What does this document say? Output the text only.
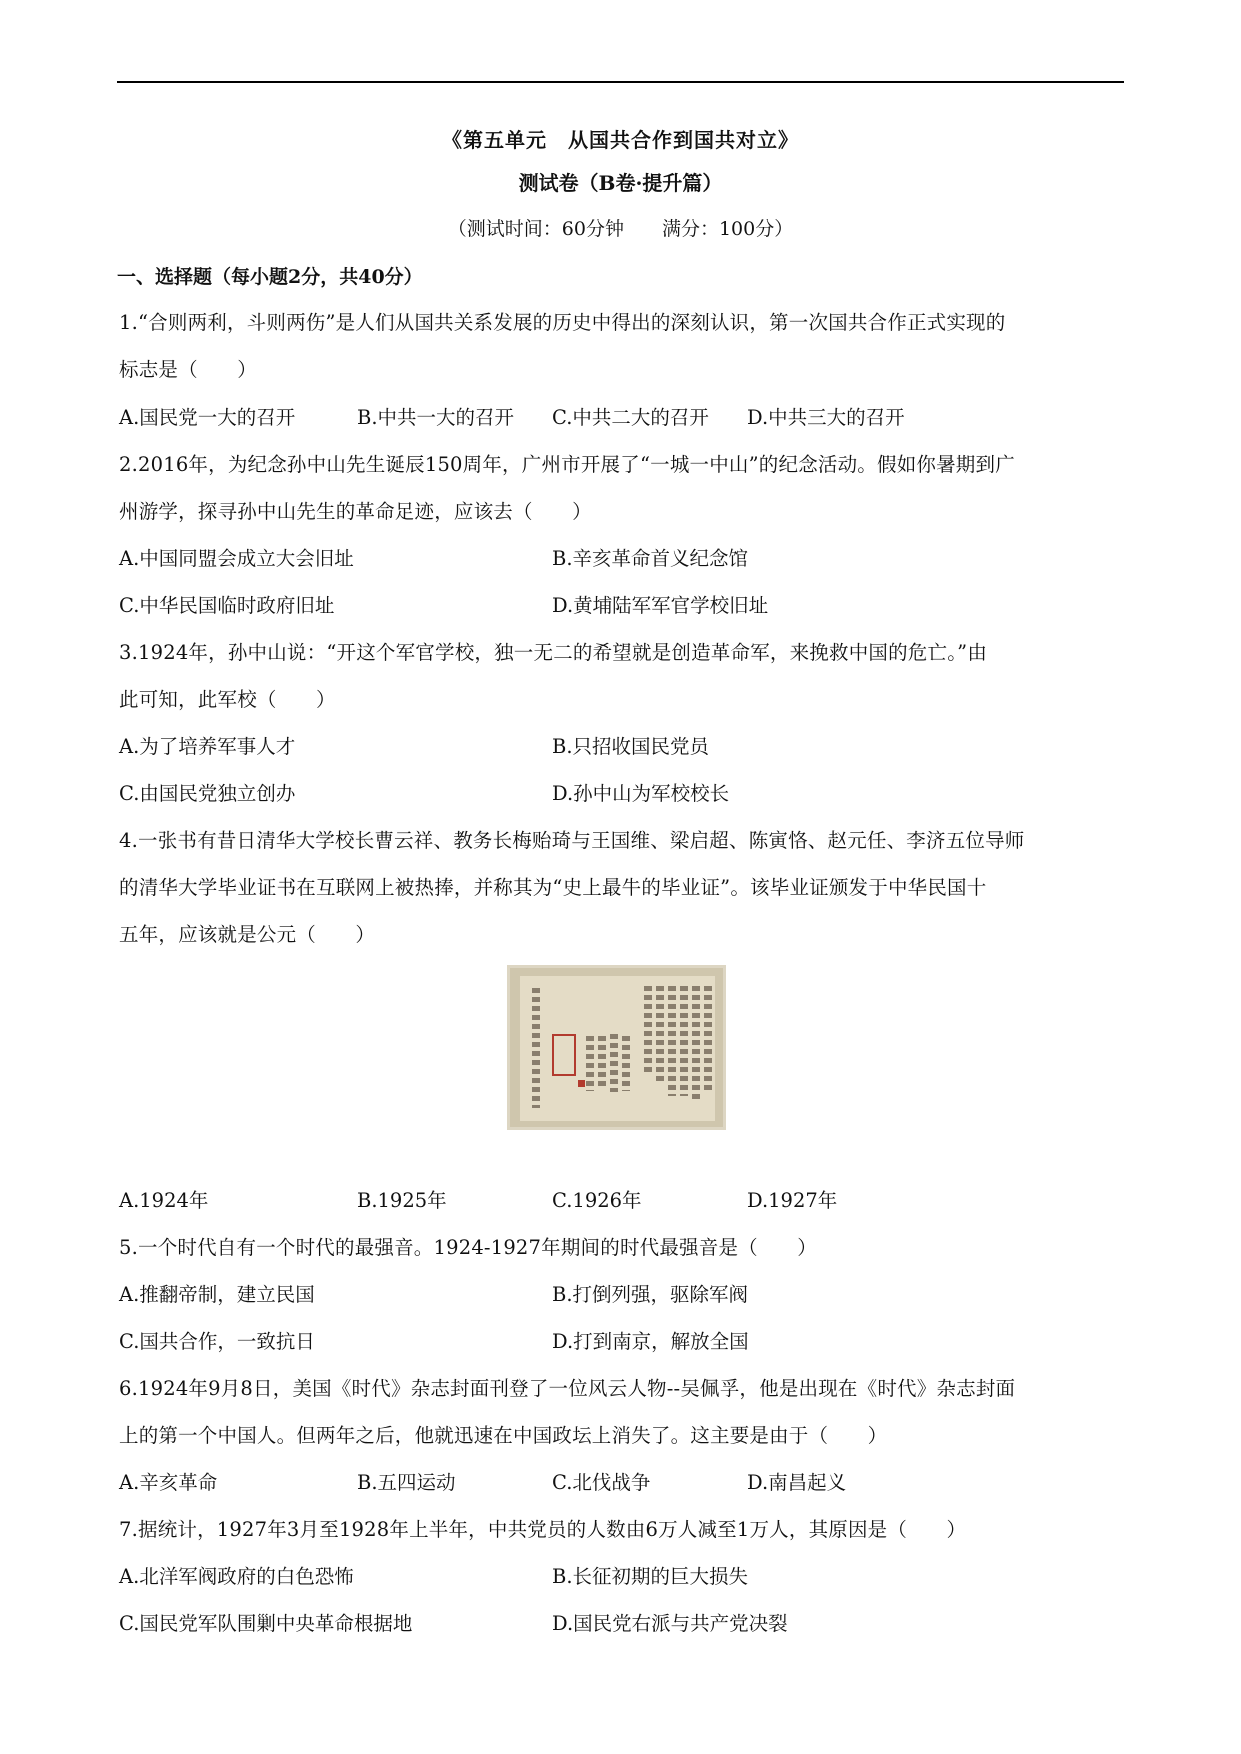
《第五单元　从国共合作到国共对立》
测试卷（B卷·提升篇）
（测试时间：60分钟　　满分：100分）
一、选择题（每小题2分，共40分）
1.“合则两利，斗则两伤”是人们从国共关系发展的历史中得出的深刻认识，第一次国共合作正式实现的
标志是（　　）
A.国民党一大的召开	B.中共一大的召开 C.中共二大的召开 D.中共三大的召开
2.2016年，为纪念孙中山先生诞辰150周年，广州市开展了“一城一中山”的纪念活动。假如你暑期到广
州游学，探寻孙中山先生的革命足迹，应该去（　　）
A.中国同盟会成立大会旧址	B.辛亥革命首义纪念馆
C.中华民国临时政府旧址	D.黄埔陆军军官学校旧址
3.1924年，孙中山说：“开这个军官学校，独一无二的希望就是创造革命军，来挽救中国的危亡。”由
此可知，此军校（　　）
A.为了培养军事人才	B.只招收国民党员
C.由国民党独立创办	D.孙中山为军校校长
4.一张书有昔日清华大学校长曹云祥、教务长梅贻琦与王国维、梁启超、陈寅恪、赵元任、李济五位导师
的清华大学毕业证书在互联网上被热捧，并称其为“史上最牛的毕业证”。该毕业证颁发于中华民国十
五年，应该就是公元（　　）
A.1924年	B.1925年	C.1926年	D.1927年
5.一个时代自有一个时代的最强音。1924-1927年期间的时代最强音是（　　）
A.推翻帝制，建立民国	B.打倒列强，驱除军阀
C.国共合作，一致抗日	D.打到南京，解放全国
6.1924年9月8日，美国《时代》杂志封面刊登了一位风云人物--吴佩孚，他是出现在《时代》杂志封面
上的第一个中国人。但两年之后，他就迅速在中国政坛上消失了。这主要是由于（　　）
A.辛亥革命	B.五四运动	C.北伐战争	D.南昌起义
7.据统计，1927年3月至1928年上半年，中共党员的人数由6万人减至1万人，其原因是（　　）
A.北洋军阀政府的白色恐怖	B.长征初期的巨大损失
C.国民党军队围剿中央革命根据地	D.国民党右派与共产党决裂
